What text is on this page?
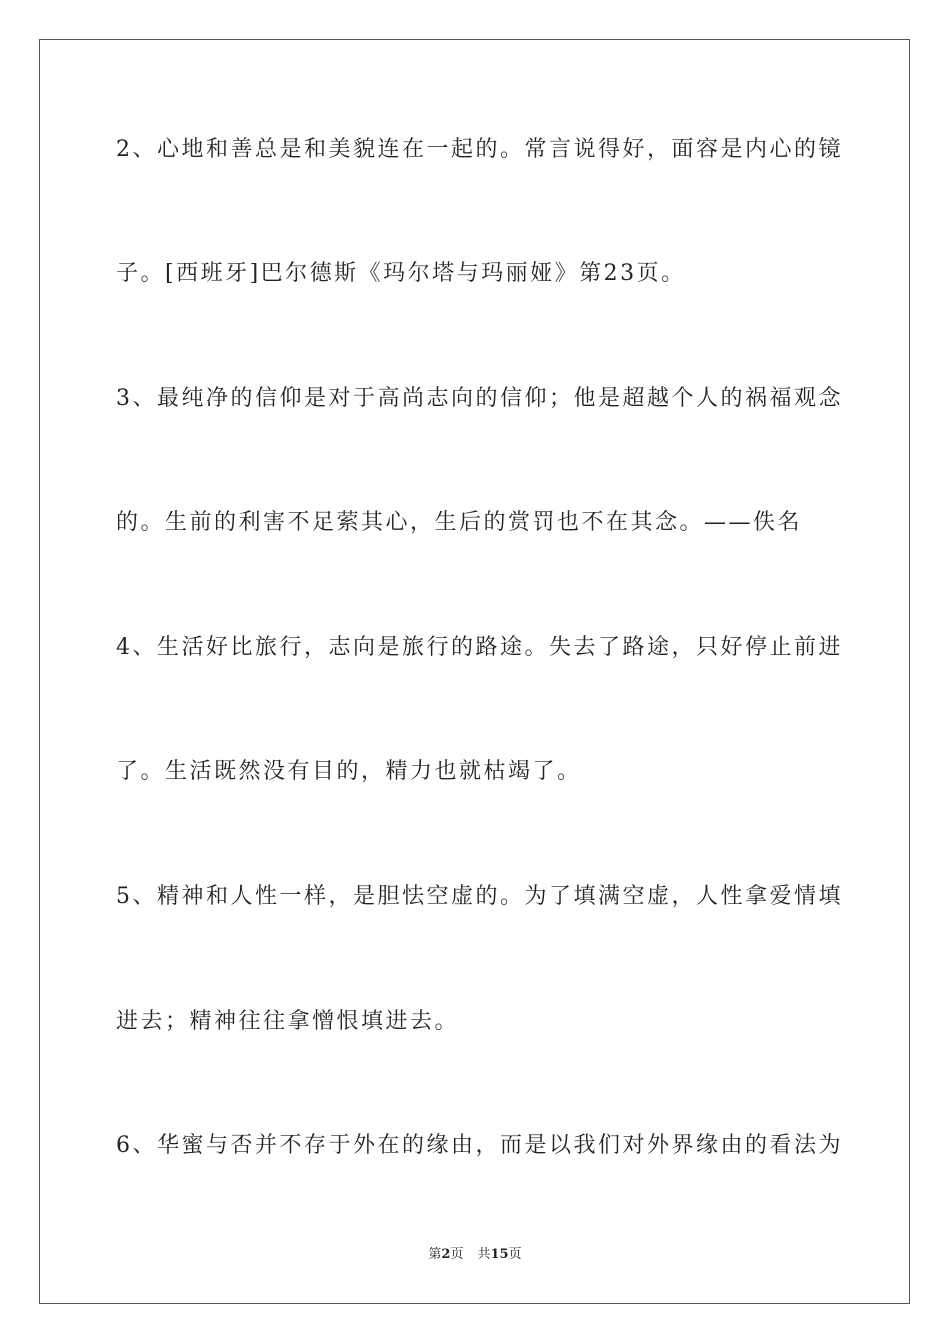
2、心地和善总是和美貌连在一起的。常言说得好，面容是内心的镜
子。[西班牙]巴尔德斯《玛尔塔与玛丽娅》第23页。
3、最纯净的信仰是对于高尚志向的信仰；他是超越个人的祸福观念
的。生前的利害不足萦其心，生后的赏罚也不在其念。——佚名
4、生活好比旅行，志向是旅行的路途。失去了路途，只好停止前进
了。生活既然没有目的，精力也就枯竭了。
5、精神和人性一样，是胆怯空虚的。为了填满空虚，人性拿爱情填
进去；精神往往拿憎恨填进去。
6、华蜜与否并不存于外在的缘由，而是以我们对外界缘由的看法为
第2页 共15页
